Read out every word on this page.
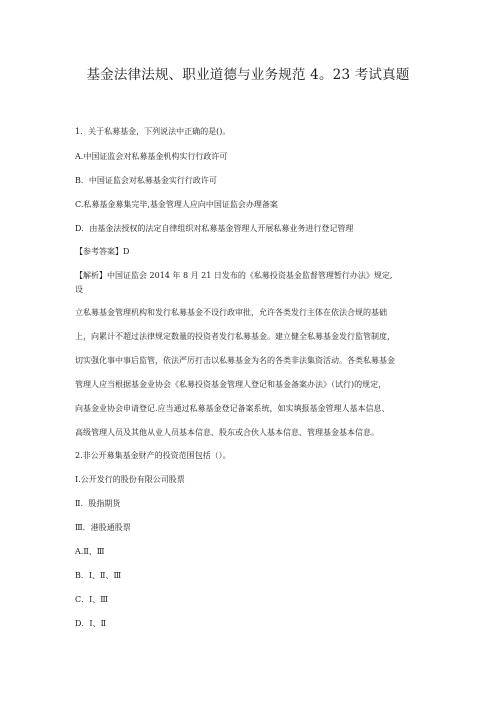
基金法律法规、职业道德与业务规范 4。23 考试真题
1．关于私募基金，下列说法中正确的是()。
A.中国证监会对私募基金机构实行行政许可
B．中国证监会对私募基金实行行政许可
C.私募基金募集完毕,基金管理人应向中国证监会办理备案
D．由基金法授权的法定自律组织对私募基金管理人开展私募业务进行登记管理
【参考答案】D
【解析】中国证监会 2014 年 8 月 21 日发布的《私募投资基金监督管理暂行办法》规定,
设
立私募基金管理机构和发行私募基金不设行政审批，允许各类发行主体在依法合规的基础
上，向累计不超过法律规定数量的投资者发行私募基金。建立健全私募基金发行监管制度，
切实强化事中事后监管，依法严厉打击以私募基金为名的各类非法集资活动。各类私募基金
管理人应当根据基金业协会《私募投资基金管理人登记和基金备案办法》（试行)的规定，
向基金业协会申请登记.应当通过私募基金登记备案系统，如实填报基金管理人基本信息、
高级管理人员及其他从业人员基本信息、股东或合伙人基本信息、管理基金基本信息。
2.非公开募集基金财产的投资范围包括（）。
Ⅰ.公开发行的股份有限公司股票
Ⅱ．股指期货
Ⅲ．港股通股票
A.Ⅱ、Ⅲ
B．Ⅰ、Ⅱ、Ⅲ
C．Ⅰ、Ⅲ
D．Ⅰ、Ⅱ
